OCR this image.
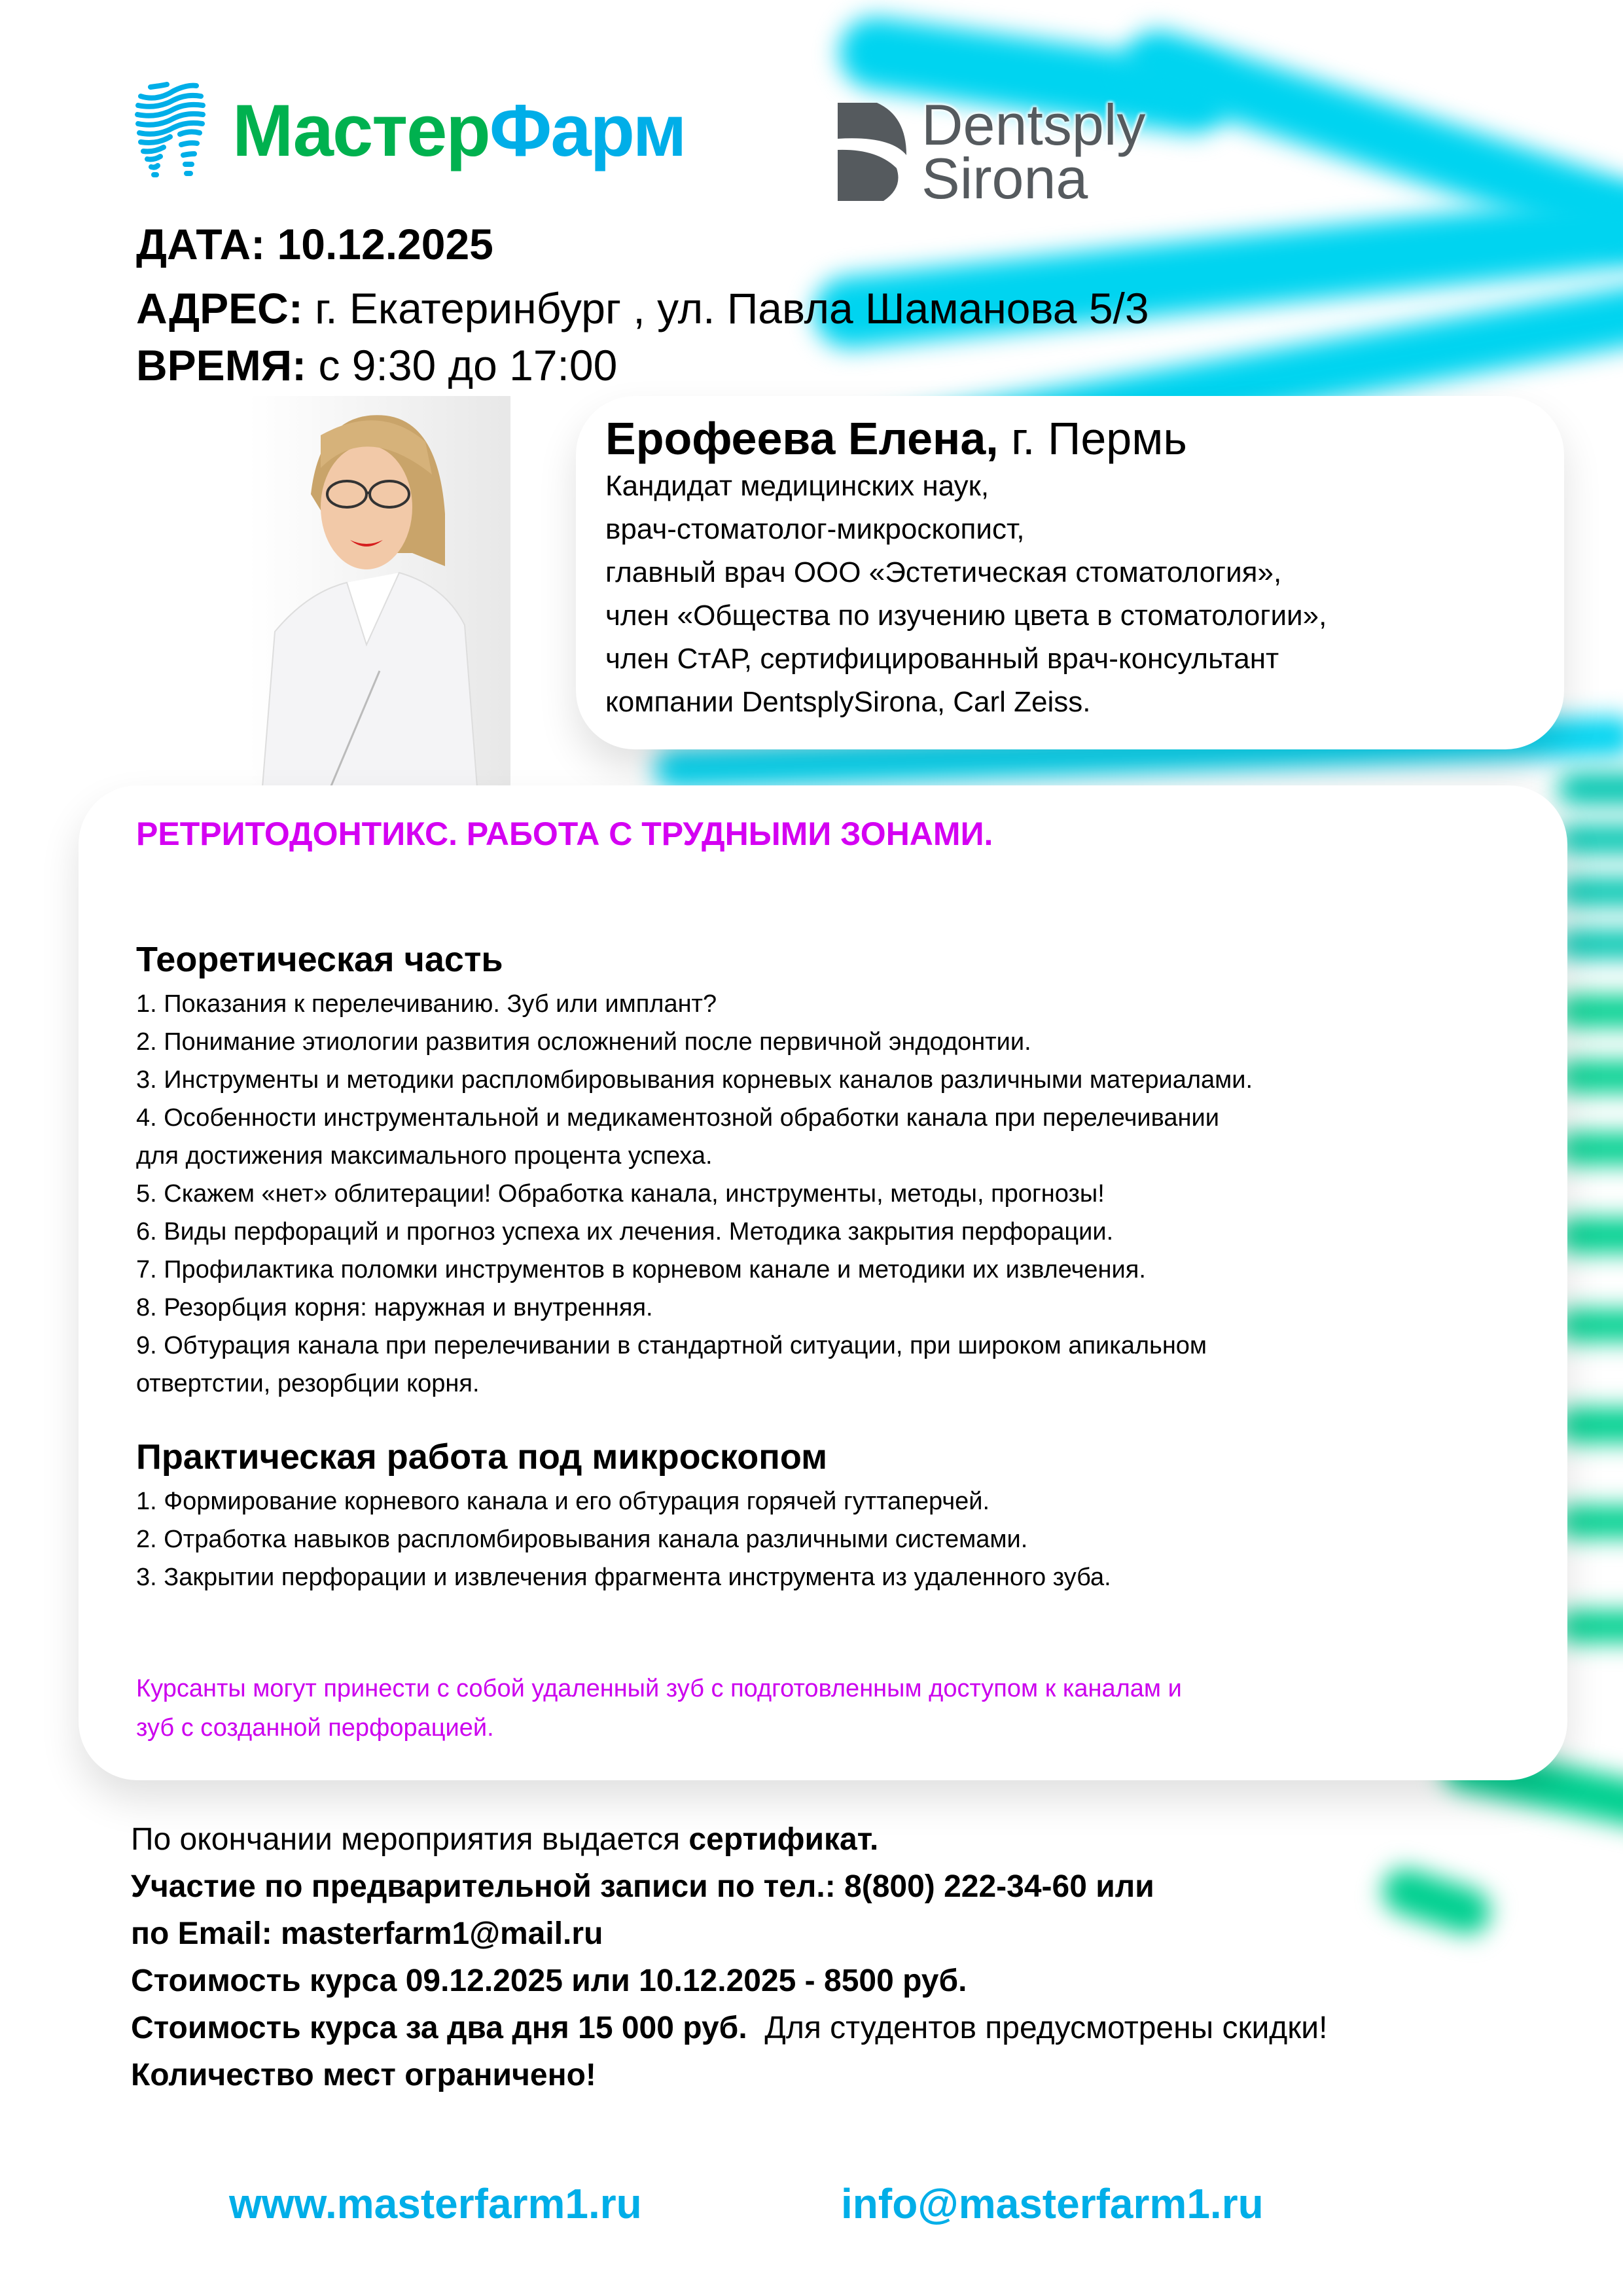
МастерФарм	Dentsply
Sirona
ДАТА: 10.12.2025
АДРЕС: г. Екатеринбург , ул. Павла Шаманова 5/3
ВРЕМЯ: с 9:30 до 17:00
Ерофеева Елена, г. Пермь
Кандидат медицинских наук,
врач-стоматолог-микроскопист,
главный врач ООО «Эстетическая стоматология»,
член «Общества по изучению цвета в стоматологии»,
член СтАР, сертифицированный врач-консультант
компании DentsplySirona, Carl Zeiss.
РЕТРИТОДОНТИКС. РАБОТА С ТРУДНЫМИ ЗОНАМИ.
Теоретическая часть
1. Показания к перелечиванию. Зуб или имплант?
2. Понимание этиологии развития осложнений после первичной эндодонтии.
3. Инструменты и методики распломбировывания корневых каналов различными материалами.
4. Особенности инструментальной и медикаментозной обработки канала при перелечивании
для достижения максимального процента успеха.
5. Скажем «нет» облитерации! Обработка канала, инструменты, методы, прогнозы!
6. Виды перфораций и прогноз успеха их лечения. Методика закрытия перфорации.
7. Профилактика поломки инструментов в корневом канале и методики их извлечения.
8. Резорбция корня: наружная и внутренняя.
9. Обтурация канала при перелечивании в стандартной ситуации, при широком апикальном
отвертстии, резорбции корня.
Практическая работа под микроскопом
1. Формирование корневого канала и его обтурация горячей гуттаперчей.
2. Отработка навыков распломбировывания канала различными системами.
3. Закрытии перфорации и извлечения фрагмента инструмента из удаленного зуба.
Курсанты могут принести с собой удаленный зуб с подготовленным доступом к каналам и
зуб с созданной перфорацией.
По окончании мероприятия выдается сертификат.
Участие по предварительной записи по тел.: 8(800) 222-34-60 или
по Email: masterfarm1@mail.ru
Стоимость курса 09.12.2025 или 10.12.2025 - 8500 руб.
Стоимость курса за два дня 15 000 руб. Для студентов предусмотрены скидки!
Количество мест ограничено!
www.masterfarm1.ru	info@masterfarm1.ru
